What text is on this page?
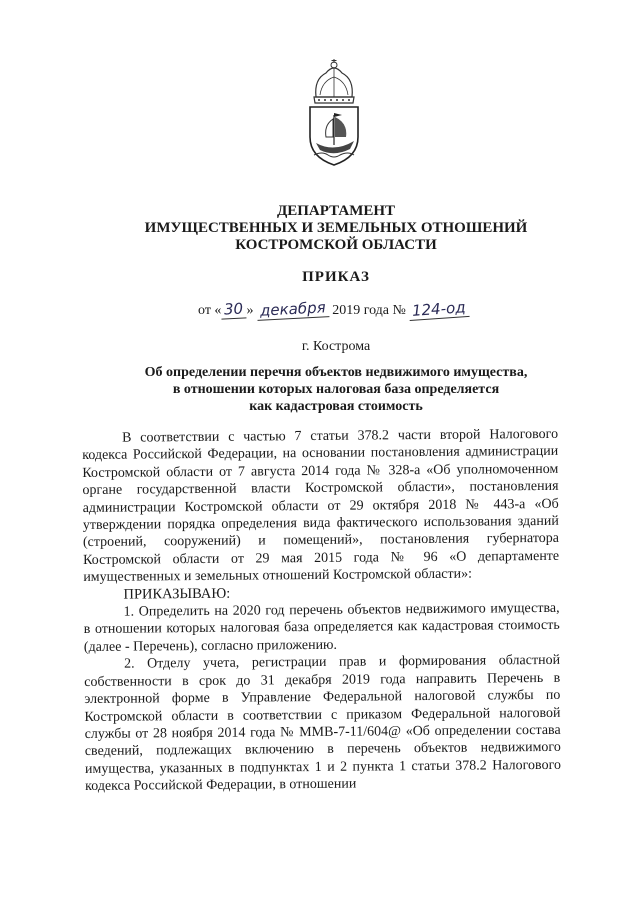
ДЕПАРТАМЕНТ
ИМУЩЕСТВЕННЫХ И ЗЕМЕЛЬНЫХ ОТНОШЕНИЙ
КОСТРОМСКОЙ ОБЛАСТИ
ПРИКАЗ
от « 30 » декабря 2019 года № 124-од
г. Кострома
Об определении перечня объектов недвижимого имущества,
в отношении которых налоговая база определяется
как кадастровая стоимость

В соответствии с частью 7 статьи 378.2 части второй Налогового кодекса Российской Федерации, на основании постановления администрации Костромской области от 7 августа 2014 года № 328-а «Об уполномоченном органе государственной власти Костромской области», постановления администрации Костромской области от 29 октября 2018 № 443-а «Об утверждении порядка определения вида фактического использования зданий (строений, сооружений) и помещений», постановления губернатора Костромской области от 29 мая 2015 года № 96 «О департаменте имущественных и земельных отношений Костромской области»:

ПРИКАЗЫВАЮ:

1. Определить на 2020 год перечень объектов недвижимого имущества, в отношении которых налоговая база определяется как кадастровая стоимость (далее - Перечень), согласно приложению.

2. Отделу учета, регистрации прав и формирования областной собственности в срок до 31 декабря 2019 года направить Перечень в электронной форме в Управление Федеральной налоговой службы по Костромской области в соответствии с приказом Федеральной налоговой службы от 28 ноября 2014 года № ММВ-7-11/604@ «Об определении состава сведений, подлежащих включению в перечень объектов недвижимого имущества, указанных в подпунктах 1 и 2 пункта 1 статьи 378.2 Налогового кодекса Российской Федерации, в отношении
